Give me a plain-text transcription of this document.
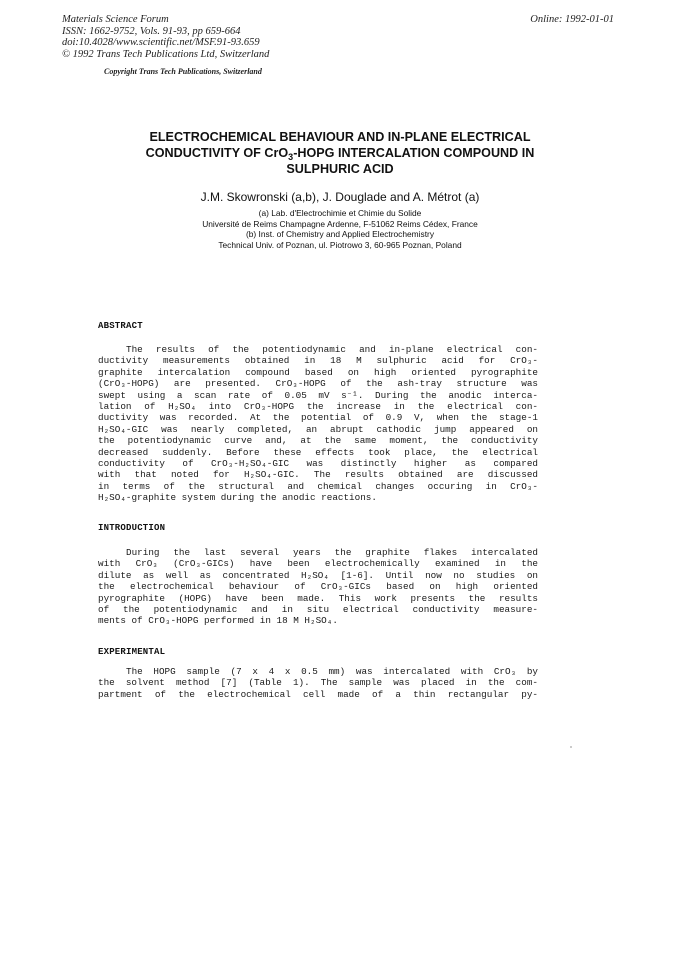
Materials Science Forum
ISSN: 1662-9752, Vols. 91-93, pp 659-664
doi:10.4028/www.scientific.net/MSF.91-93.659
© 1992 Trans Tech Publications Ltd, Switzerland
Online: 1992-01-01
Copyright Trans Tech Publications, Switzerland
ELECTROCHEMICAL BEHAVIOUR AND IN-PLANE ELECTRICAL
CONDUCTIVITY OF CrO$_3$-HOPG INTERCALATION COMPOUND IN
SULPHURIC ACID
J.M. Skowronski (a,b), J. Douglade and A. Métrot (a)
(a) Lab. d'Electrochimie et Chimie du Solide
Université de Reims Champagne Ardenne, F-51062 Reims Cédex, France
(b) Inst. of Chemistry and Applied Electrochemistry
Technical Univ. of Poznan, ul. Piotrowo 3, 60-965 Poznan, Poland
ABSTRACT
The results of the potentiodynamic and in-plane electrical con-
ductivity measurements obtained in 18 M sulphuric acid for CrO₃-
graphite intercalation compound based on high oriented pyrographite
(CrO₃-HOPG) are presented. CrO₃-HOPG of the ash-tray structure was
swept using a scan rate of 0.05 mV s⁻¹. During the anodic interca-
lation of H₂SO₄ into CrO₃-HOPG the increase in the electrical con-
ductivity was recorded. At the potential of 0.9 V, when the stage-1
H₂SO₄-GIC was nearly completed, an abrupt cathodic jump appeared on
the potentiodynamic curve and, at the same moment, the conductivity
decreased suddenly. Before these effects took place, the electrical
conductivity of CrO₃-H₂SO₄-GIC was distinctly higher as compared
with that noted for H₂SO₄-GIC. The results obtained are discussed
in terms of the structural and chemical changes occuring in CrO₃-
H₂SO₄-graphite system during the anodic reactions.
INTRODUCTION
During the last several years the graphite flakes intercalated
with CrO₃ (CrO₃-GICs) have been electrochemically examined in the
dilute as well as concentrated H₂SO₄ [1-6]. Until now no studies on
the electrochemical behaviour of CrO₃-GICs based on high oriented
pyrographite (HOPG) have been made. This work presents the results
of the potentiodynamic and in situ electrical conductivity measure-
ments of CrO₃-HOPG performed in 18 M H₂SO₄.
EXPERIMENTAL
The HOPG sample (7 x 4 x 0.5 mm) was intercalated with CrO₃ by
the solvent method [7] (Table 1). The sample was placed in the com-
partment of the electrochemical cell made of a thin rectangular py-
